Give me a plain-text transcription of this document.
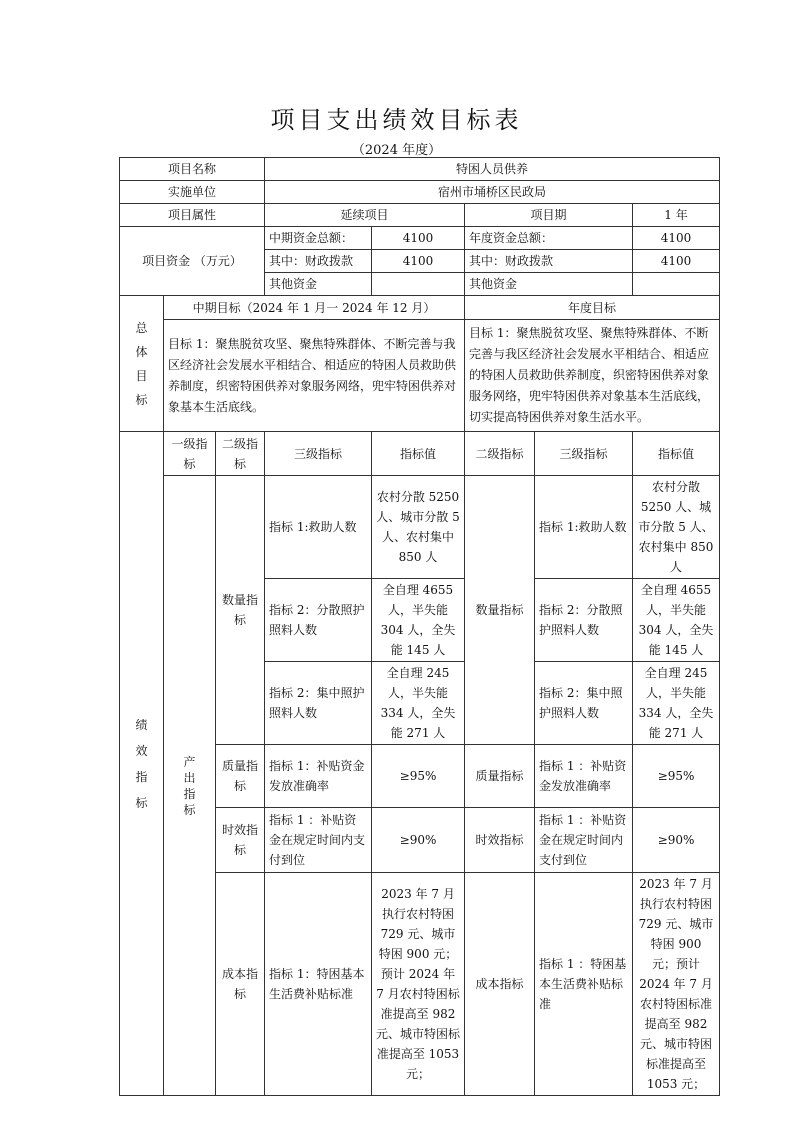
项目支出绩效目标表
（2024 年度）
项目名称			特困人员供养				
实施单位			宿州市埇桥区民政局				
项目属性			延续项目		项目期		1 年
项目资金 （万元）			中期资金总额：	4100	年度资金总额：		4100
			其中：财政拨款	4100	其中：财政拨款		4100
			其他资金		其他资金		
总体目标	中期目标（2024 年 1 月一 2024 年 12 月）				年度目标		
	目标 1：聚焦脱贫攻坚、聚焦特殊群体、不断完善与我区经济社会发展水平相结合、相适应的特困人员救助供养制度，织密特困供养对象服务网络，兜牢特困供养对象基本生活底线。				目标 1：聚焦脱贫攻坚、聚焦特殊群体、不断完善与我区经济社会发展水平相结合、相适应的特困人员救助供养制度，织密特困供养对象服务网络，兜牢特困供养对象基本生活底线，切实提高特困供养对象生活水平。		
绩效指标	一级指标	二级指标	三级指标	指标值	二级指标	三级指标	指标值
	产出指标	数量指标	指标 1:救助人数	农村分散 5250 人、城市分散 5 人、农村集中 850 人	数量指标	指标 1:救助人数	农村分散 5250 人、城市分散 5 人、农村集中 850 人
			指标 2：分散照护照料人数	全自理 4655 人，半失能 304 人，全失能 145 人		指标 2：分散照护照料人数	全自理 4655 人，半失能 304 人，全失能 145 人
			指标 2：集中照护照料人数	全自理 245 人，半失能 334 人，全失能 271 人		指标 2：集中照护照料人数	全自理 245 人，半失能 334 人，全失能 271 人
		质量指标	指标 1：补贴资金发放准确率	≥95%	质量指标	指标 1 ：补贴资金发放准确率	≥95%
		时效指标	指标 1 ：补贴资金在规定时间内支付到位	≥90%	时效指标	指标 1 ：补贴资金在规定时间内支付到位	≥90%
		成本指标	指标 1：特困基本生活费补贴标准	2023 年 7 月执行农村特困 729 元、城市特困 900 元；预计 2024 年 7 月农村特困标准提高至 982 元、城市特困标准提高至 1053 元；	成本指标	指标 1 ：特困基本生活费补贴标准	2023 年 7 月执行农村特困 729 元、城市特困 900 元；预计 2024 年 7 月农村特困标准提高至 982 元、城市特困标准提高至 1053 元；
